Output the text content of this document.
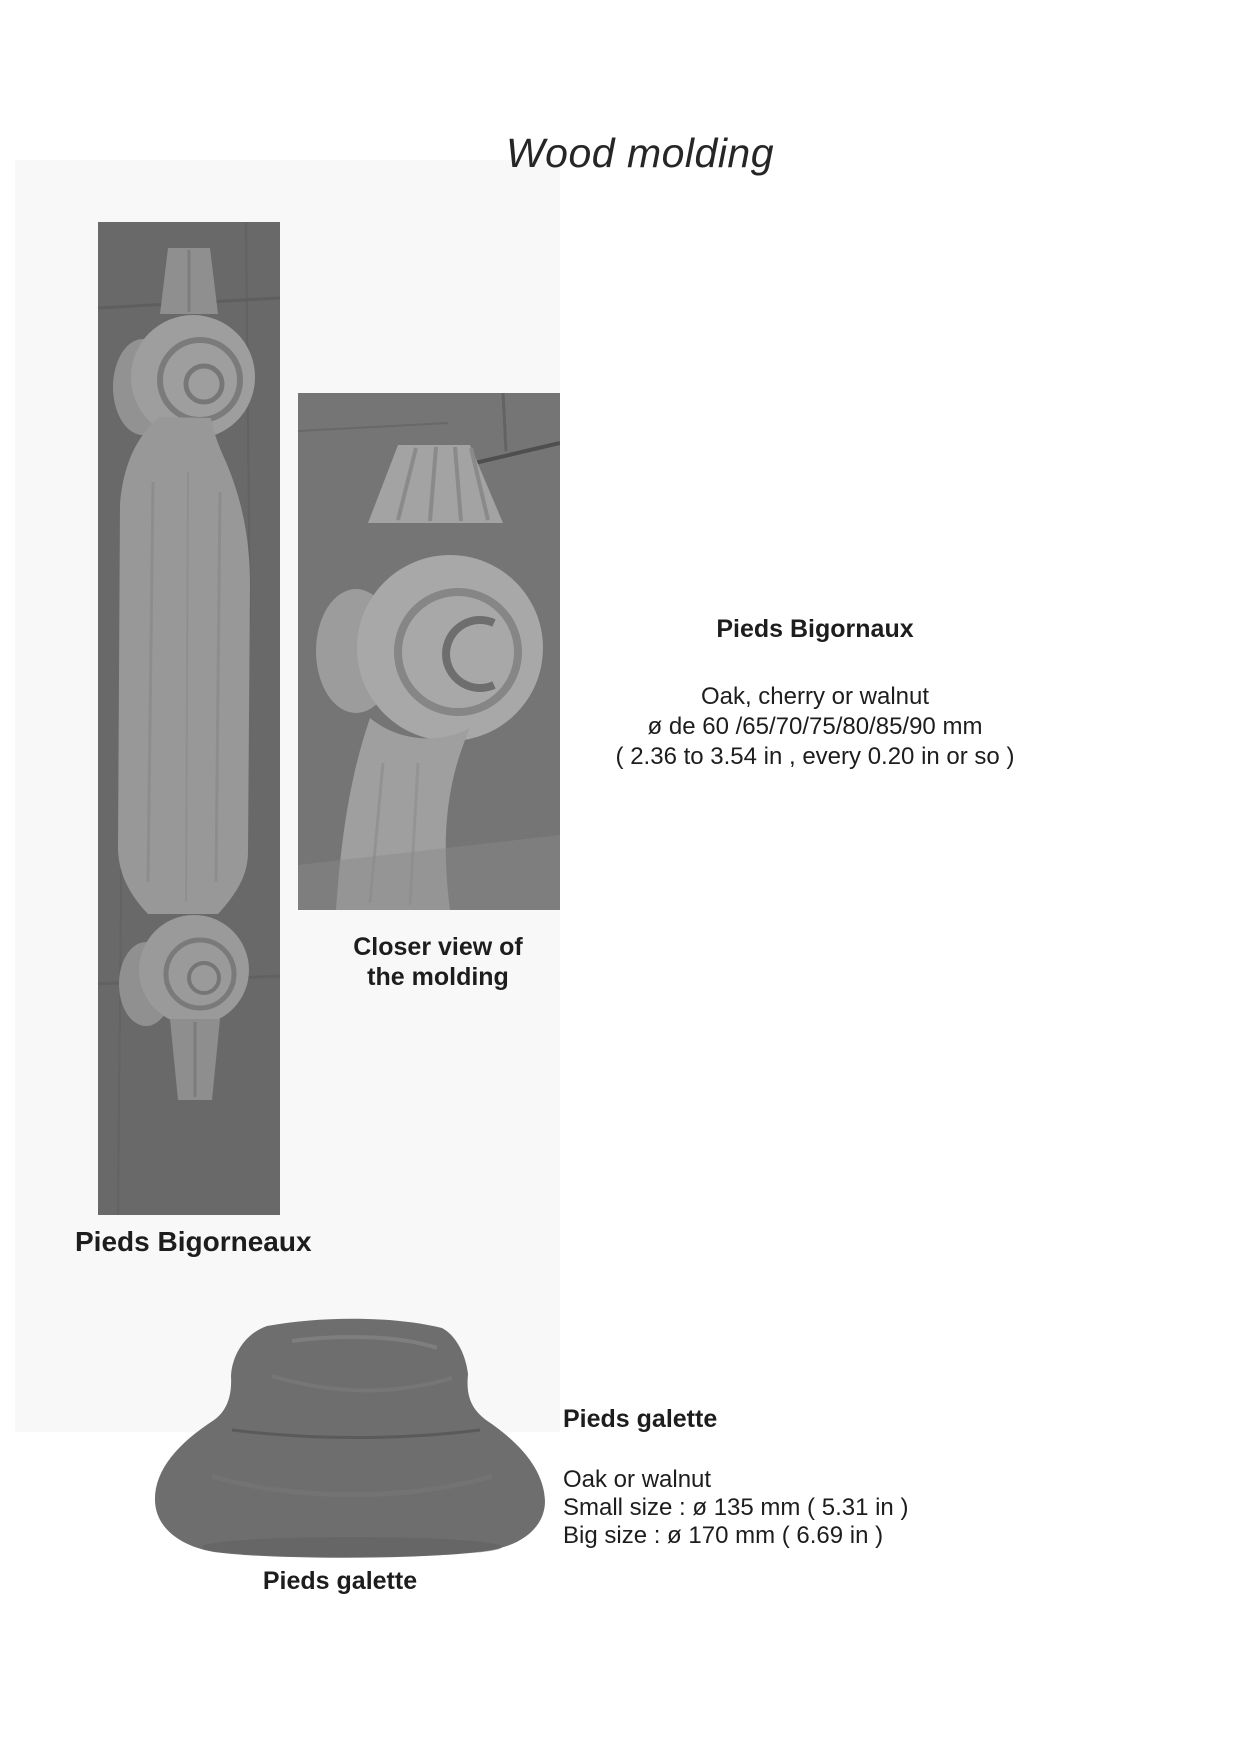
Wood molding
Pieds Bigornaux
Oak, cherry or walnut
ø de 60 /65/70/75/80/85/90 mm
( 2.36 to 3.54 in , every 0.20 in or so )
Closer view of
the molding
Pieds Bigorneaux
Pieds galette
Oak or walnut
Small size : ø 135 mm ( 5.31 in )
Big size : ø 170 mm ( 6.69 in )
Pieds galette
